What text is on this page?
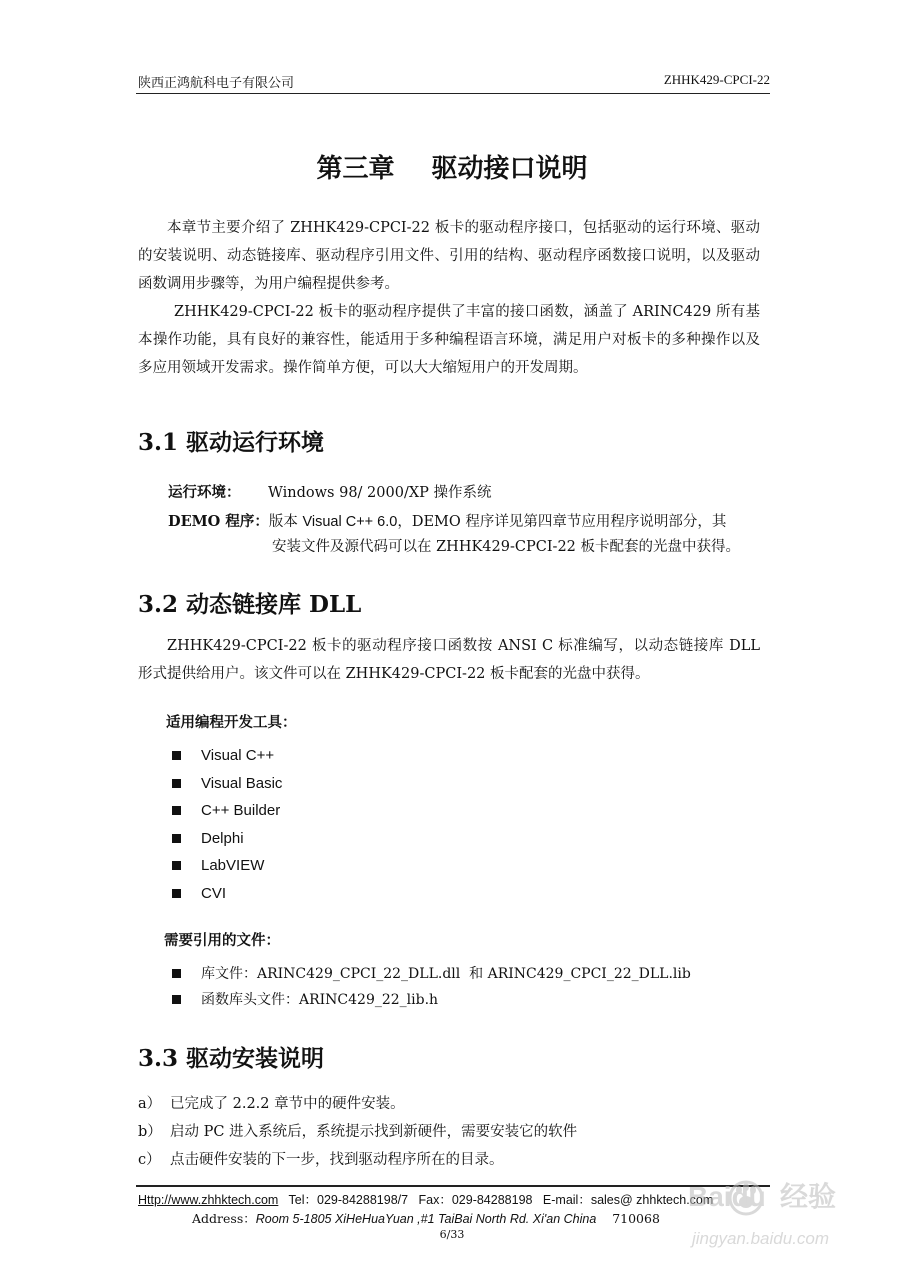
陕西正鸿航科电子有限公司	ZHHK429-CPCI-22
第三章 驱动接口说明
本章节主要介绍了 ZHHK429-CPCI-22 板卡的驱动程序接口，包括驱动的运行环境、驱动的安装说明、动态链接库、驱动程序引用文件、引用的结构、驱动程序函数接口说明，以及驱动函数调用步骤等，为用户编程提供参考。
ZHHK429-CPCI-22 板卡的驱动程序提供了丰富的接口函数，涵盖了 ARINC429 所有基本操作功能，具有良好的兼容性，能适用于多种编程语言环境，满足用户对板卡的多种操作以及多应用领域开发需求。操作简单方便，可以大大缩短用户的开发周期。
3.1 驱动运行环境
运行环境： Windows 98/ 2000/XP 操作系统
DEMO 程序：版本 Visual C++ 6.0，DEMO 程序详见第四章节应用程序说明部分，其
安装文件及源代码可以在 ZHHK429-CPCI-22 板卡配套的光盘中获得。
3.2 动态链接库 DLL
ZHHK429-CPCI-22 板卡的驱动程序接口函数按 ANSI C 标准编写，以动态链接库 DLL 形式提供给用户。该文件可以在 ZHHK429-CPCI-22 板卡配套的光盘中获得。
适用编程开发工具：
Visual C++
Visual Basic
C++ Builder
Delphi
LabVIEW
CVI
需要引用的文件：
库文件：ARINC429_CPCI_22_DLL.dll  和 ARINC429_CPCI_22_DLL.lib
函数库头文件：ARINC429_22_lib.h
3.3 驱动安装说明
a） 已完成了 2.2.2 章节中的硬件安装。
b） 启动 PC 进入系统后，系统提示找到新硬件，需要安装它的软件
c） 点击硬件安装的下一步，找到驱动程序所在的目录。
Http://www.zhhktech.com Tel：029-84288198/7 Fax：029-84288198 E-mail：sales@ zhhktech.com
Address：Room 5-1805 XiHeHuaYuan ,#1 TaiBai North Rd. Xi'an China 710068
6/33
Baidu 经验
jingyan.baidu.com
